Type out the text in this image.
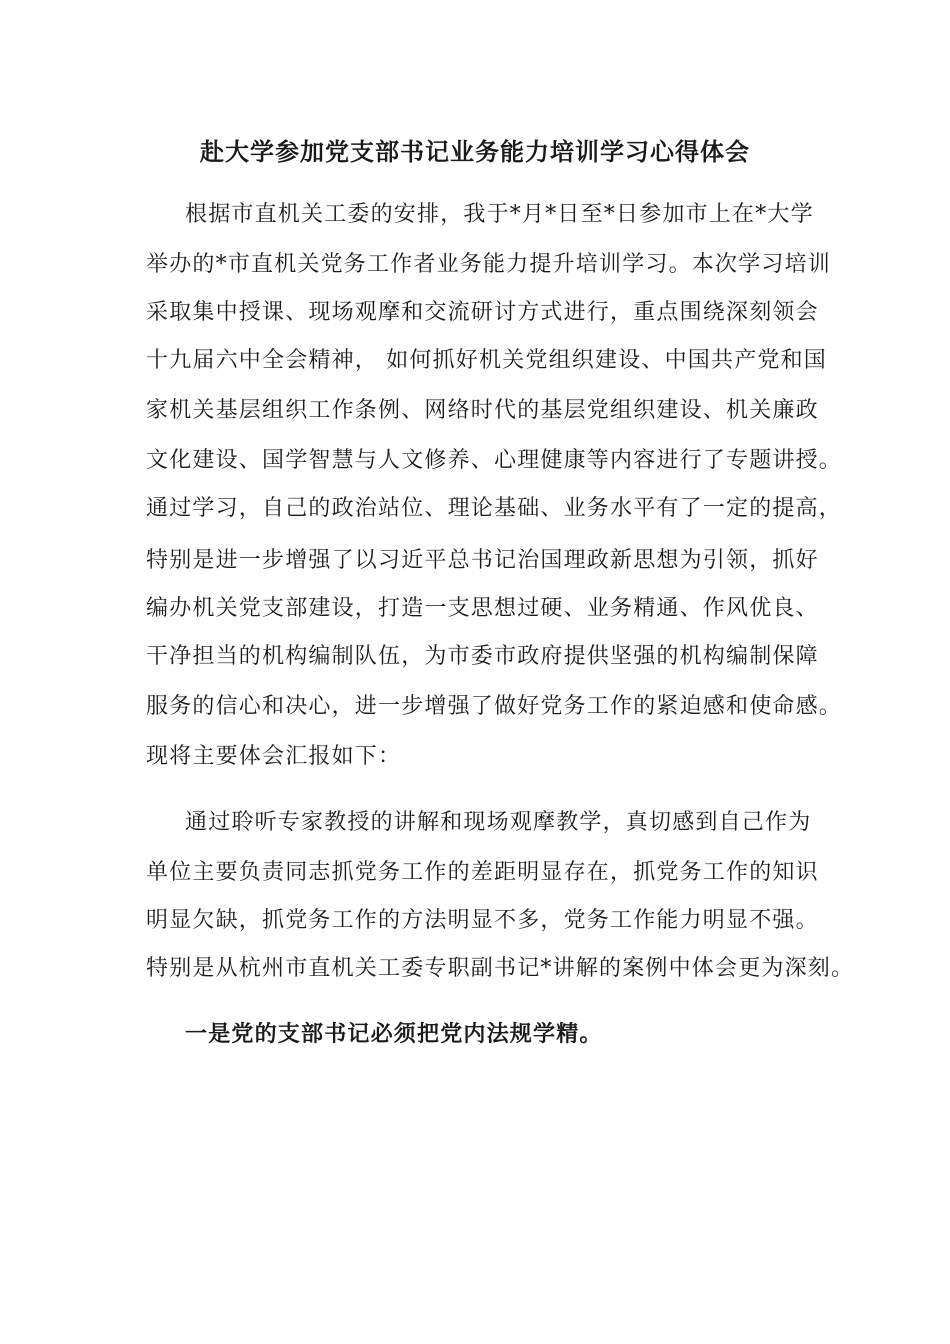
赴大学参加党支部书记业务能力培训学习心得体会
根据市直机关工委的安排，我于*月*日至*日参加市上在*大学
举办的*市直机关党务工作者业务能力提升培训学习。本次学习培训
采取集中授课、现场观摩和交流研讨方式进行，重点围绕深刻领会
十九届六中全会精神， 如何抓好机关党组织建设、中国共产党和国
家机关基层组织工作条例、网络时代的基层党组织建设、机关廉政
文化建设、国学智慧与人文修养、心理健康等内容进行了专题讲授。
通过学习，自己的政治站位、理论基础、业务水平有了一定的提高，
特别是进一步增强了以习近平总书记治国理政新思想为引领，抓好
编办机关党支部建设，打造一支思想过硬、业务精通、作风优良、
干净担当的机构编制队伍，为市委市政府提供坚强的机构编制保障
服务的信心和决心，进一步增强了做好党务工作的紧迫感和使命感。
现将主要体会汇报如下：
通过聆听专家教授的讲解和现场观摩教学，真切感到自己作为
单位主要负责同志抓党务工作的差距明显存在，抓党务工作的知识
明显欠缺，抓党务工作的方法明显不多，党务工作能力明显不强。
特别是从杭州市直机关工委专职副书记*讲解的案例中体会更为深刻。
一是党的支部书记必须把党内法规学精。
